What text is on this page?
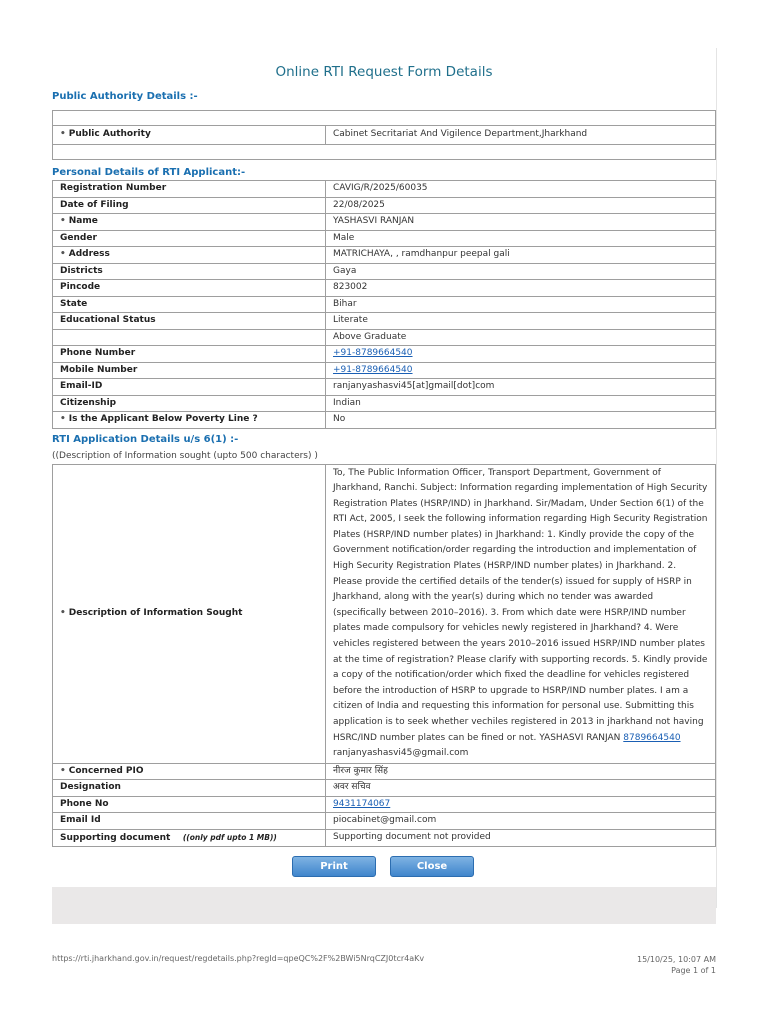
Online RTI Request Form Details
Public Authority Details :-

• Public Authority	Cabinet Secritariat And Vigilence Department,Jharkhand

Personal Details of RTI Applicant:-
Registration Number	CAVIG/R/2025/60035
Date of Filing	22/08/2025
• Name	YASHASVI RANJAN
Gender	Male
• Address	MATRICHAYA, , ramdhanpur peepal gali
Districts	Gaya
Pincode	823002
State	Bihar
Educational Status	Literate
	Above Graduate
Phone Number	+91-8789664540
Mobile Number	+91-8789664540
Email-ID	ranjanyashasvi45[at]gmail[dot]com
Citizenship	Indian
• Is the Applicant Below Poverty Line ?	No
RTI Application Details u/s 6(1) :-
((Description of Information sought (upto 500 characters) )
• Description of Information Sought	To, The Public Information Officer, Transport Department, Government of Jharkhand, Ranchi. Subject: Information regarding implementation of High Security Registration Plates (HSRP/IND) in Jharkhand. Sir/Madam, Under Section 6(1) of the RTI Act, 2005, I seek the following information regarding High Security Registration Plates (HSRP/IND number plates) in Jharkhand: 1. Kindly provide the copy of the Government notification/order regarding the introduction and implementation of High Security Registration Plates (HSRP/IND number plates) in Jharkhand. 2. Please provide the certified details of the tender(s) issued for supply of HSRP in Jharkhand, along with the year(s) during which no tender was awarded (specifically between 2010–2016). 3. From which date were HSRP/IND number plates made compulsory for vehicles newly registered in Jharkhand? 4. Were vehicles registered between the years 2010–2016 issued HSRP/IND number plates at the time of registration? Please clarify with supporting records. 5. Kindly provide a copy of the notification/order which fixed the deadline for vehicles registered before the introduction of HSRP to upgrade to HSRP/IND number plates. I am a citizen of India and requesting this information for personal use. Submitting this application is to seek whether vechiles registered in 2013 in jharkhand not having HSRC/IND number plates can be fined or not. YASHASVI RANJAN 8789664540 ranjanyashasvi45@gmail.com
• Concerned PIO	नीरज कुमार सिंह
Designation	अवर सचिव
Phone No	9431174067
Email Id	piocabinet@gmail.com
Supporting document ((only pdf upto 1 MB))	Supporting document not provided
Print	Close
https://rti.jharkhand.gov.in/request/regdetails.php?regId=qpeQC%2F%2BWi5NrqCZJ0tcr4aKv	15/10/25, 10:07 AM
Page 1 of 1
